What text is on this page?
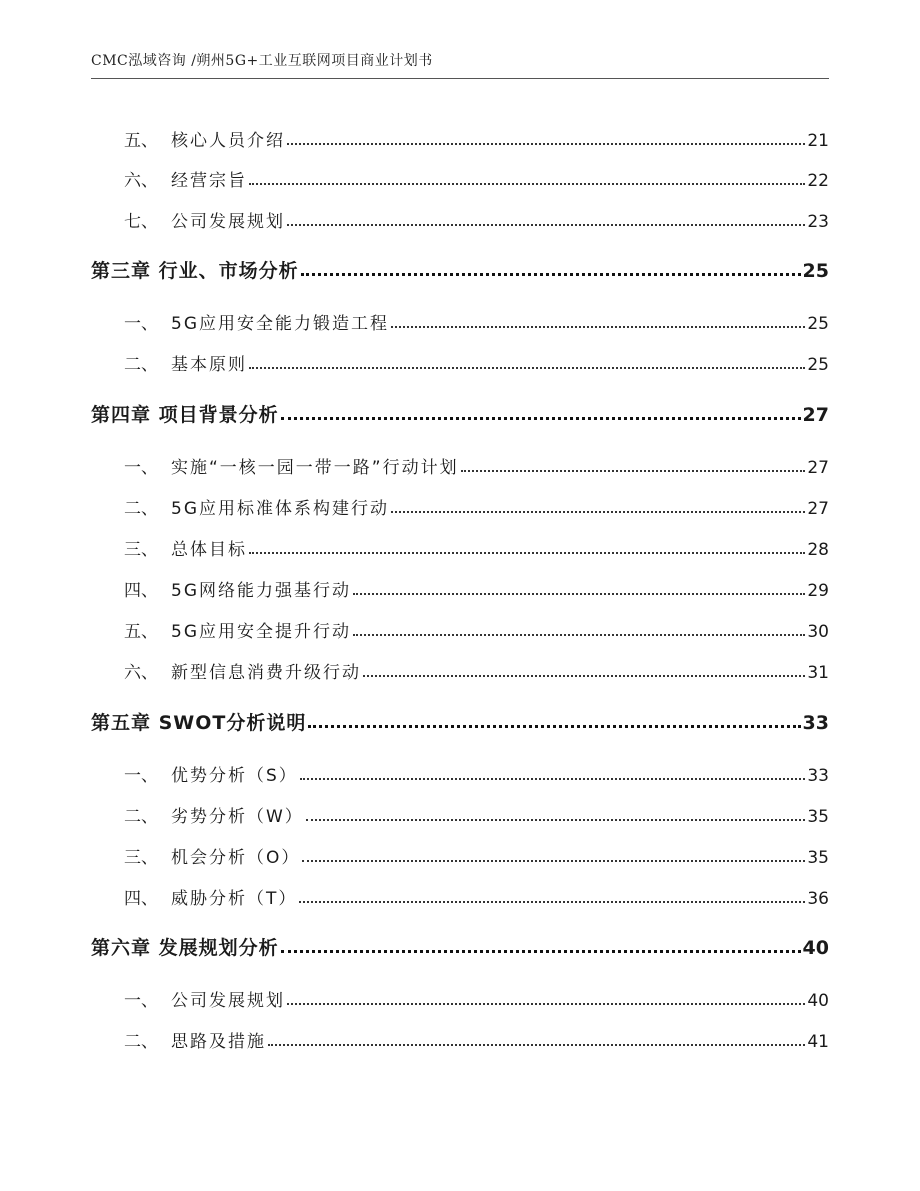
CMC泓域咨询 /朔州5G+工业互联网项目商业计划书
五、 核心人员介绍	21
六、 经营宗旨	22
七、 公司发展规划	23
第三章 行业、市场分析	25
一、 5G应用安全能力锻造工程	25
二、 基本原则	25
第四章 项目背景分析	27
一、 实施“一核一园一带一路”行动计划	27
二、 5G应用标准体系构建行动	27
三、 总体目标	28
四、 5G网络能力强基行动	29
五、 5G应用安全提升行动	30
六、 新型信息消费升级行动	31
第五章 SWOT分析说明	33
一、 优势分析（S）	33
二、 劣势分析（W）	35
三、 机会分析（O）	35
四、 威胁分析（T）	36
第六章 发展规划分析	40
一、 公司发展规划	40
二、 思路及措施	41
